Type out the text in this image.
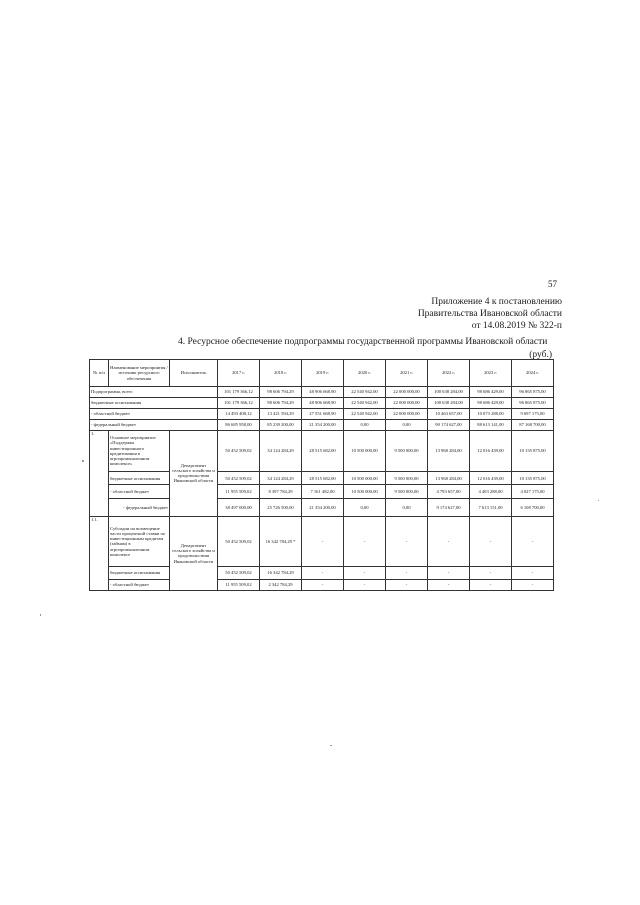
57
Приложение 4 к постановлению
Правительства Ивановской области
от 14.08.2019 № 322-п
4. Ресурсное обеспечение подпрограммы государственной программы Ивановской области
(руб.)
№ п/п	Наименование мероприятия / источник ресурсного обеспечения	Исполнитель	2017 г.	2018 г.	2019 г.	2020 г.	2021 г.	2022 г.	2023 г.	2024 г.
Подпрограмма, всего			101 179 366,12	98 606 794,29	48 906 668,90	22 540 942,00	22 000 000,00	100 638 284,00	98 686 429,00	96 865 875,00
бюджетные ассигнования			101 179 366,12	98 606 794,29	48 906 668,90	22 540 942,00	22 000 000,00	100 638 284,00	98 686 429,00	96 865 875,00
- областной бюджет			14 493 408,12	13 421 594,29	27 551 668,90	22 540 942,00	22 000 000,00	10 463 657,00	10 073 288,00	9 697 175,00
- федеральный бюджет			86 685 958,00	85 239 200,00	21 354 200,00	0,00	0,00	90 174 627,00	88 613 141,00	87 168 700,00
1.	Основное мероприятие «Поддержка инвестиционного кредитования в агропромышленном комплексе»	Департамент сельского хозяйства и продовольствия Ивановской области	50 452 509,02	34 124 284,29	28 515 682,00	10 500 000,00	9 500 000,00	13 968 284,00	12 016 439,00	10 135 875,00
	бюджетные ассигнования		50 452 509,02	34 124 284,29	28 515 682,00	10 500 000,00	9 500 000,00	13 968 284,00	12 016 439,00	10 135 875,00
	- областной бюджет		11 955 509,02	8 397 784,29	7 161 482,00	10 500 000,00	9 500 000,00	4 793 657,00	4 403 288,00	4 027 175,00
	- федеральный бюджет		38 497 000,00	25 726 500,00	21 354 200,00	0,00	0,00	9 174 627,00	7 613 151,00	6 108 700,00
1.1.	Субсидии на возмещение части процентной ставки по инвестиционным кредитам (займам) в агропромышленном комплексе	Департамент сельского хозяйства и продовольствия Ивановской области	50 452 509,02	16 342 784,29 *	-	-	-	-	-	-
	бюджетные ассигнования		50 452 509,02	16 342 784,29	-	-	-	-	-	-
	- областной бюджет		11 955 509,02	2 342 784,29	-	-	-	-	-	-
